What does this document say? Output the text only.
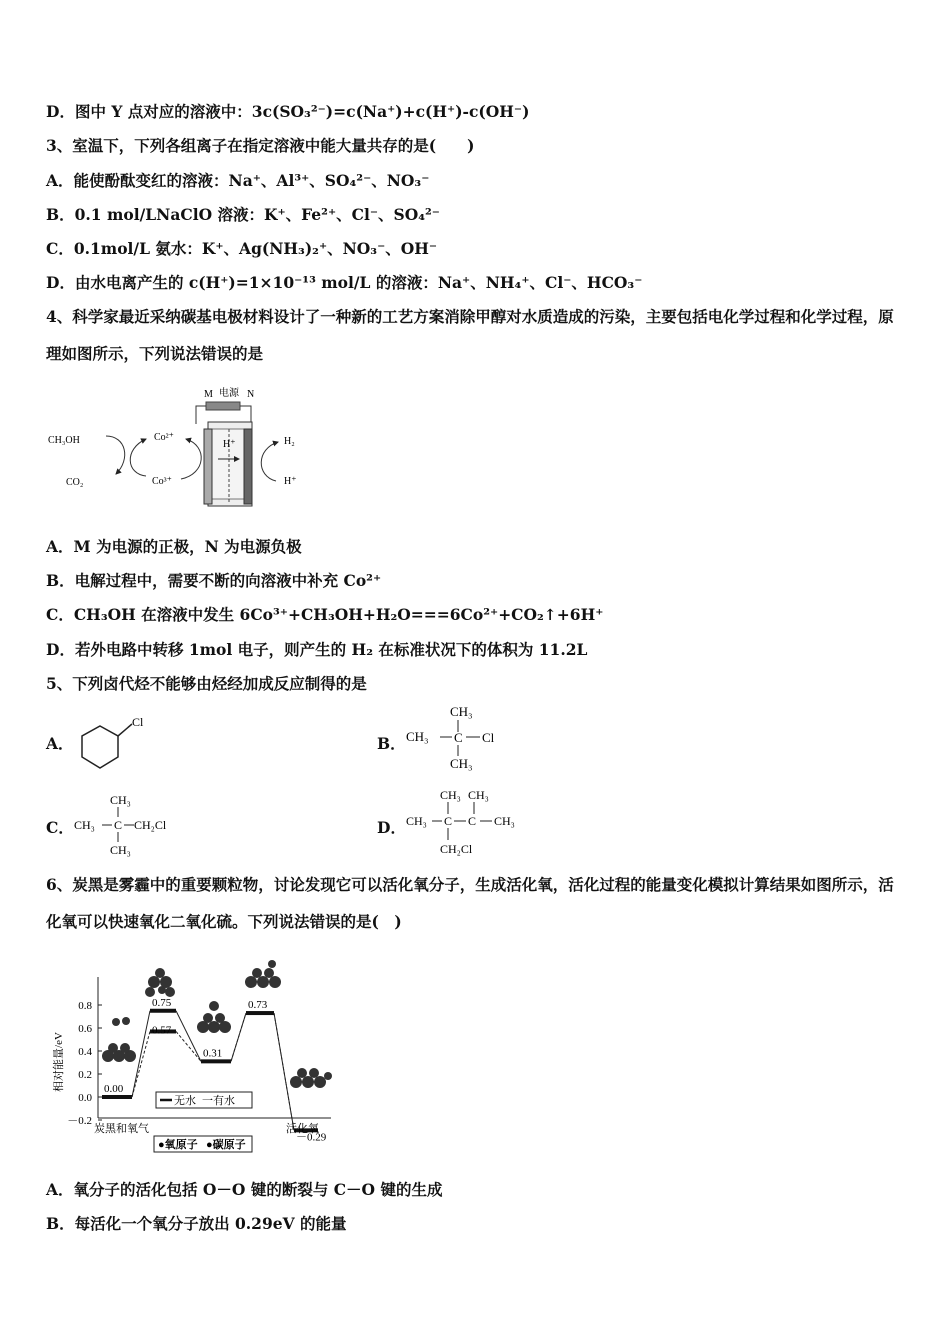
D．图中 Y 点对应的溶液中：3c(SO₃²⁻)=c(Na⁺)+c(H⁺)-c(OH⁻)
3、室温下，下列各组离子在指定溶液中能大量共存的是(　　)
A．能使酚酞变红的溶液：Na⁺、Al³⁺、SO₄²⁻、NO₃⁻
B．0.1 mol/LNaClO 溶液：K⁺、Fe²⁺、Cl⁻、SO₄²⁻
C．0.1mol/L 氨水：K⁺、Ag(NH₃)₂⁺、NO₃⁻、OH⁻
D．由水电离产生的 c(H⁺)=1×10⁻¹³ mol/L 的溶液：Na⁺、NH₄⁺、Cl⁻、HCO₃⁻
4、科学家最近采纳碳基电极材料设计了一种新的工艺方案消除甲醇对水质造成的污染，主要包括电化学过程和化学过程，原理如图所示，下列说法错误的是
M 电源 N
H⁺
CH₃OH
CO₂
Co²⁺
Co³⁺
H₂
H⁺
A．M 为电源的正极，N 为电源负极
B．电解过程中，需要不断的向溶液中补充 Co²⁺
C．CH₃OH 在溶液中发生 6Co³⁺+CH₃OH+H₂O===6Co²⁺+CO₂↑+6H⁺
D．若外电路中转移 1mol 电子，则产生的 H₂ 在标准状况下的体积为 11.2L
5、下列卤代烃不能够由烃经加成反应制得的是
A．
Cl
B．
CH₃
CH₃ C Cl
CH₃
C．
CH₃
CH₃ C CH₂Cl
CH₃
D．
CH₃ CH₃
CH₃ C C CH₃
CH₂Cl
6、炭黑是雾霾中的重要颗粒物，讨论发现它可以活化氧分子，生成活化氧，活化过程的能量变化模拟计算结果如图所示，活化氧可以快速氧化二氧化硫。下列说法错误的是(　)
相对能量/eV
0.8
0.6
0.4
0.2
0.0
－0.2
0.00
0.75
0.57
0.31
0.73
－0.29
无水 一有水
炭黑和氧气	活化氧
●氧原子 ●碳原子
A．氧分子的活化包括 O－O 键的断裂与 C－O 键的生成
B．每活化一个氧分子放出 0.29eV 的能量
